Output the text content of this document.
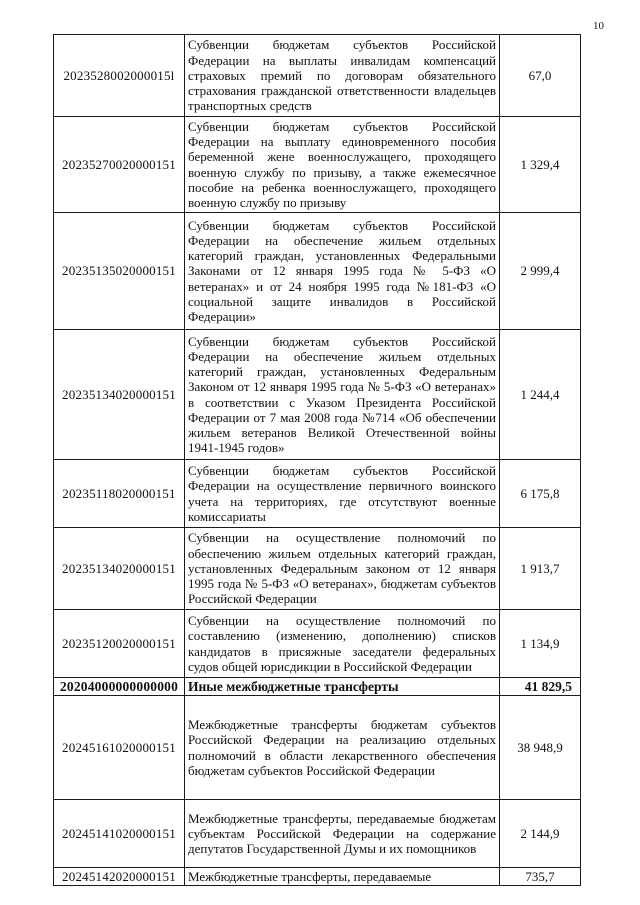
10
2023528002000015l	Субвенции бюджетам субъектов Российской Федерации на выплаты инвалидам компенсаций страховых премий по договорам обязательного страхования гражданской ответственности владельцев транспортных средств	67,0
20235270020000151	Субвенции бюджетам субъектов Российской Федерации на выплату единовременного пособия беременной жене военнослужащего, проходящего военную службу по призыву, а также ежемесячное пособие на ребенка военнослужащего, проходящего военную службу по призыву	1 329,4
20235135020000151	Субвенции бюджетам субъектов Российской Федерации на обеспечение жильем отдельных категорий граждан, установленных Федеральными Законами от 12 января 1995 года № 5-ФЗ «О ветеранах» и от 24 ноября 1995 года №181-ФЗ «О социальной защите инвалидов в Российской Федерации»	2 999,4
20235134020000151	Субвенции бюджетам субъектов Российской Федерации на обеспечение жильем отдельных категорий граждан, установленных Федеральным Законом от 12 января 1995 года № 5-ФЗ «О ветеранах» в соответствии с Указом Президента Российской Федерации от 7 мая 2008 года №714 «Об обеспечении жильем ветеранов Великой Отечественной войны 1941-1945 годов»	1 244,4
20235118020000151	Субвенции бюджетам субъектов Российской Федерации на осуществление первичного воинского учета на территориях, где отсутствуют военные комиссариаты	6 175,8
20235134020000151	Субвенции на осуществление полномочий по обеспечению жильем отдельных категорий граждан, установленных Федеральным законом от 12 января 1995 года № 5-ФЗ «О ветеранах», бюджетам субъектов Российской Федерации	1 913,7
20235120020000151	Субвенции на осуществление полномочий по составлению (изменению, дополнению) списков кандидатов в присяжные заседатели федеральных судов общей юрисдикции в Российской Федерации	1 134,9
20204000000000000	Иные межбюджетные трансферты	41 829,5
20245161020000151	Межбюджетные трансферты бюджетам субъектов Российской Федерации на реализацию отдельных полномочий в области лекарственного обеспечения бюджетам субъектов Российской Федерации	38 948,9
20245141020000151	Межбюджетные трансферты, передаваемые бюджетам субъектам Российской Федерации на содержание депутатов Государственной Думы и их помощников	2 144,9
20245142020000151	Межбюджетные трансферты, передаваемые	735,7
